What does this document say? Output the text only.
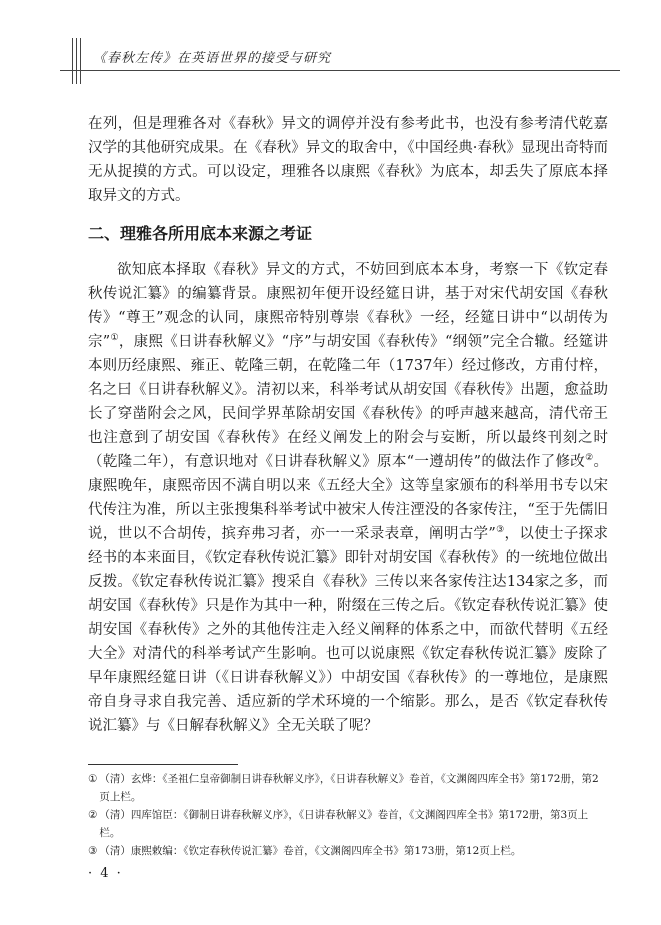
《春秋左传》在英语世界的接受与研究

在列，但是理雅各对《春秋》异文的调停并没有参考此书，也没有参考清代乾嘉汉学的其他研究成果。在《春秋》异文的取舍中，《中国经典·春秋》显现出奇特而无从捉摸的方式。可以设定，理雅各以康熙《春秋》为底本，却丢失了原底本择取异文的方式。

二、理雅各所用底本来源之考证

欲知底本择取《春秋》异文的方式，不妨回到底本本身，考察一下《钦定春秋传说汇纂》的编纂背景。康熙初年便开设经筵日讲，基于对宋代胡安国《春秋传》“尊王”观念的认同，康熙帝特别尊崇《春秋》一经，经筵日讲中“以胡传为宗”①，康熙《日讲春秋解义》“序”与胡安国《春秋传》“纲领”完全合辙。经筵讲本则历经康熙、雍正、乾隆三朝，在乾隆二年（1737年）经过修改，方甫付梓，名之曰《日讲春秋解义》。清初以来，科举考试从胡安国《春秋传》出题，愈益助长了穿凿附会之风，民间学界革除胡安国《春秋传》的呼声越来越高，清代帝王也注意到了胡安国《春秋传》在经义阐发上的附会与妄断，所以最终刊刻之时（乾隆二年），有意识地对《日讲春秋解义》原本“一遵胡传”的做法作了修改②。康熙晚年，康熙帝因不满自明以来《五经大全》这等皇家颁布的科举用书专以宋代传注为准，所以主张搜集科举考试中被宋人传注湮没的各家传注，“至于先儒旧说，世以不合胡传，摈弃弗习者，亦一一采录表章，阐明古学”③，以使士子探求经书的本来面目，《钦定春秋传说汇纂》即针对胡安国《春秋传》的一统地位做出反拨。《钦定春秋传说汇纂》搜采自《春秋》三传以来各家传注达134家之多，而胡安国《春秋传》只是作为其中一种，附缀在三传之后。《钦定春秋传说汇纂》使胡安国《春秋传》之外的其他传注走入经义阐释的体系之中，而欲代替明《五经大全》对清代的科举考试产生影响。也可以说康熙《钦定春秋传说汇纂》废除了早年康熙经筵日讲（《日讲春秋解义》）中胡安国《春秋传》的一尊地位，是康熙帝自身寻求自我完善、适应新的学术环境的一个缩影。那么，是否《钦定春秋传说汇纂》与《日解春秋解义》全无关联了呢？

① （清）玄烨：《圣祖仁皇帝御制日讲春秋解义序》，《日讲春秋解义》卷首，《文渊阁四库全书》第172册，第2页上栏。

② （清）四库馆臣：《御制日讲春秋解义序》，《日讲春秋解义》卷首，《文渊阁四库全书》第172册，第3页上栏。

③ （清）康熙敕编：《钦定春秋传说汇纂》卷首，《文渊阁四库全书》第173册，第12页上栏。

· 4 ·
